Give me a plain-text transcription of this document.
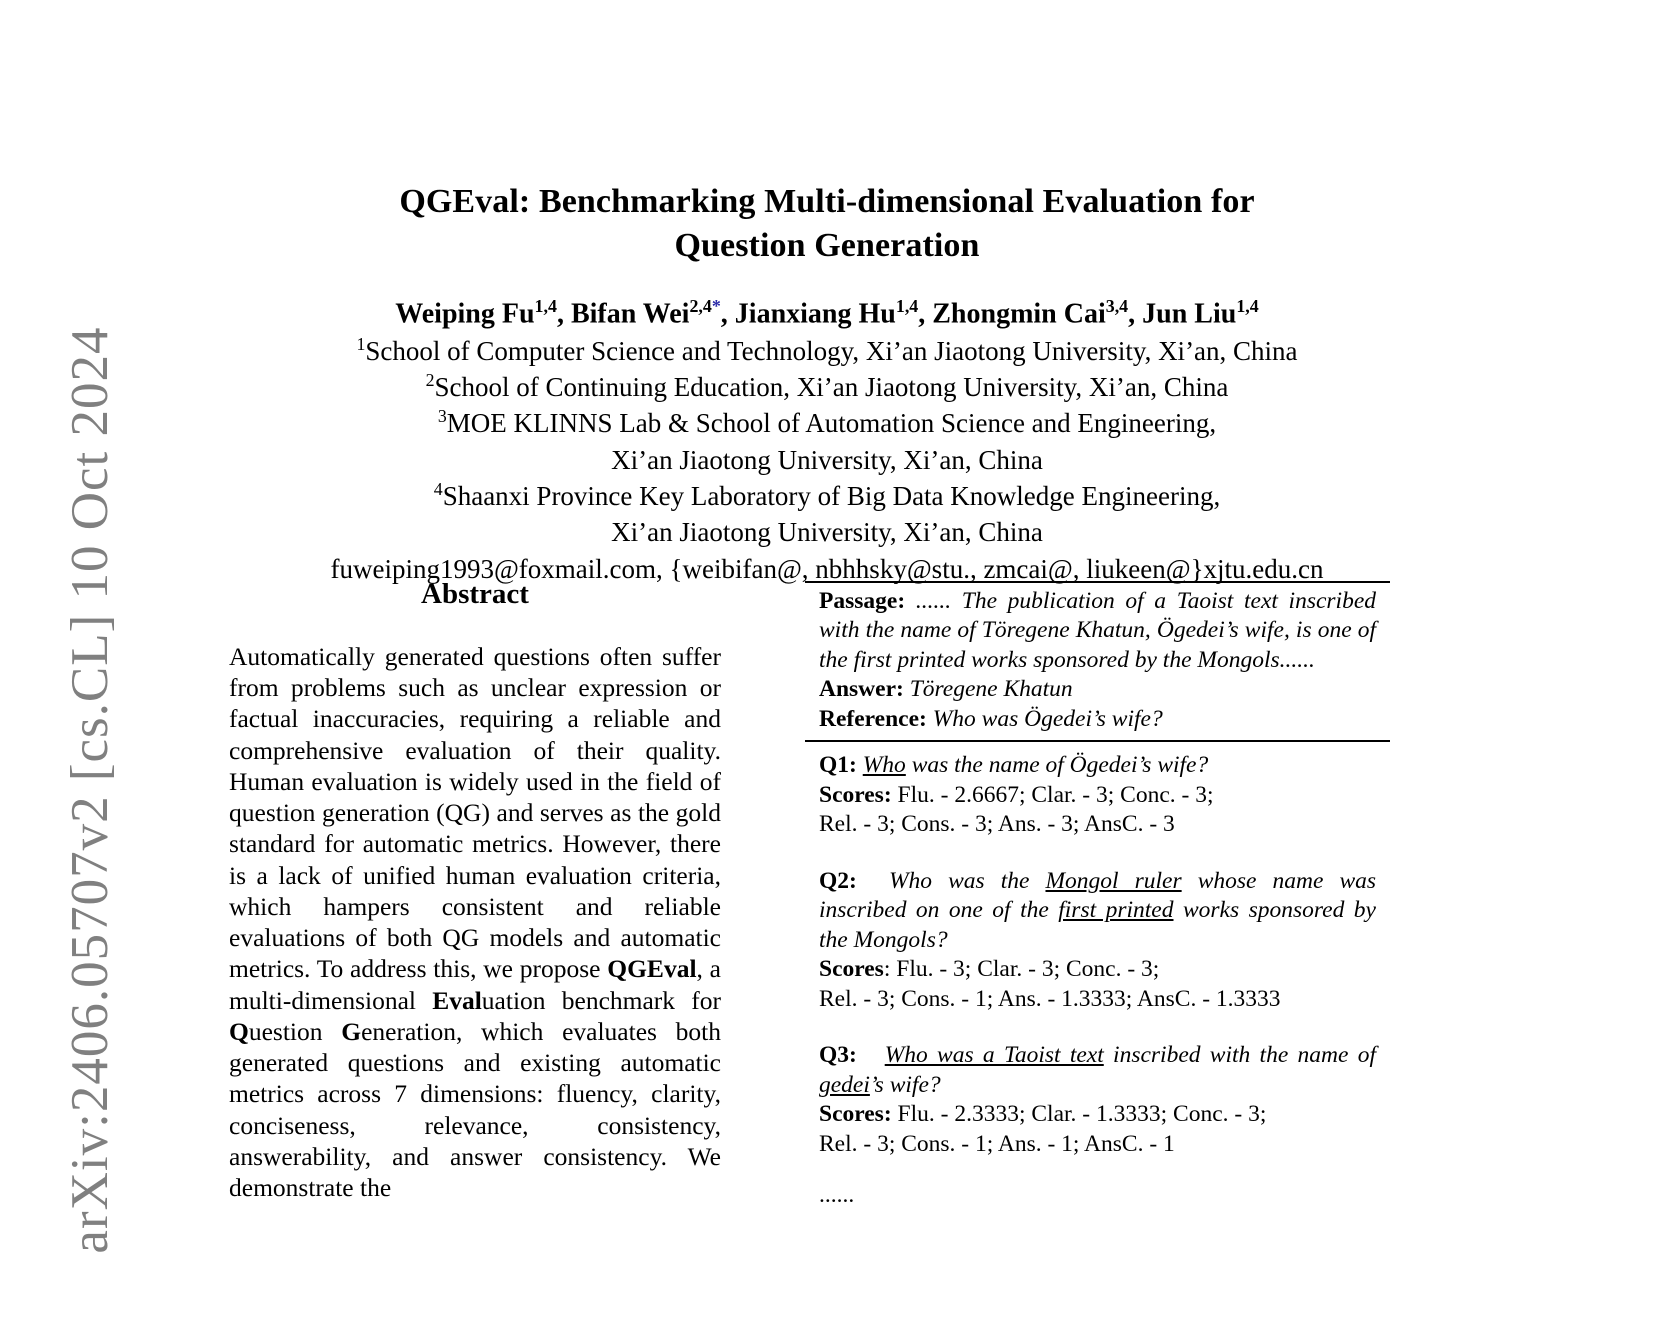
arXiv:2406.05707v2 [cs.CL] 10 Oct 2024
QGEval: Benchmarking Multi-dimensional Evaluation for
Question Generation
Weiping Fu$^{1,4}$, Bifan Wei$^{2,4*}$, Jianxiang Hu$^{1,4}$, Zhongmin Cai$^{3,4}$, Jun Liu$^{1,4}$
$^1$School of Computer Science and Technology, Xi’an Jiaotong University, Xi’an, China
$^2$School of Continuing Education, Xi’an Jiaotong University, Xi’an, China
$^3$MOE KLINNS Lab & School of Automation Science and Engineering,
Xi’an Jiaotong University, Xi’an, China
$^4$Shaanxi Province Key Laboratory of Big Data Knowledge Engineering,
Xi’an Jiaotong University, Xi’an, China
fuweiping1993@foxmail.com, {weibifan@, nbhhsky@stu., zmcai@, liukeen@}xjtu.edu.cn
Abstract
Automatically generated questions often suffer from problems such as unclear expression or factual inaccuracies, requiring a reliable and comprehensive evaluation of their quality. Human evaluation is widely used in the field of question generation (QG) and serves as the gold standard for automatic metrics. However, there is a lack of unified human evaluation criteria, which hampers consistent and reliable evaluations of both QG models and automatic metrics. To address this, we propose QGEval, a multi-dimensional Evaluation benchmark for Question Generation, which evaluates both generated questions and existing automatic metrics across 7 dimensions: fluency, clarity, conciseness, relevance, consistency, answerability, and answer consistency. We demonstrate the

Passage: ...... The publication of a Taoist text inscribed with the name of Töregene Khatun, Ögedei’s wife, is one of the first printed works sponsored by the Mongols......

Answer: Töregene Khatun

Reference: Who was Ögedei’s wife?

Q1: Who was the name of Ögedei’s wife?

Scores: Flu. - 2.6667; Clar. - 3; Conc. - 3;

Rel. - 3; Cons. - 3; Ans. - 3; AnsC. - 3

Q2: Who was the Mongol ruler whose name was inscribed on one of the first printed works sponsored by the Mongols?

Scores: Flu. - 3; Clar. - 3; Conc. - 3;

Rel. - 3; Cons. - 1; Ans. - 1.3333; AnsC. - 1.3333

Q3: Who was a Taoist text inscribed with the name of gedei’s wife?

Scores: Flu. - 2.3333; Clar. - 1.3333; Conc. - 3;

Rel. - 3; Cons. - 1; Ans. - 1; AnsC. - 1

......
